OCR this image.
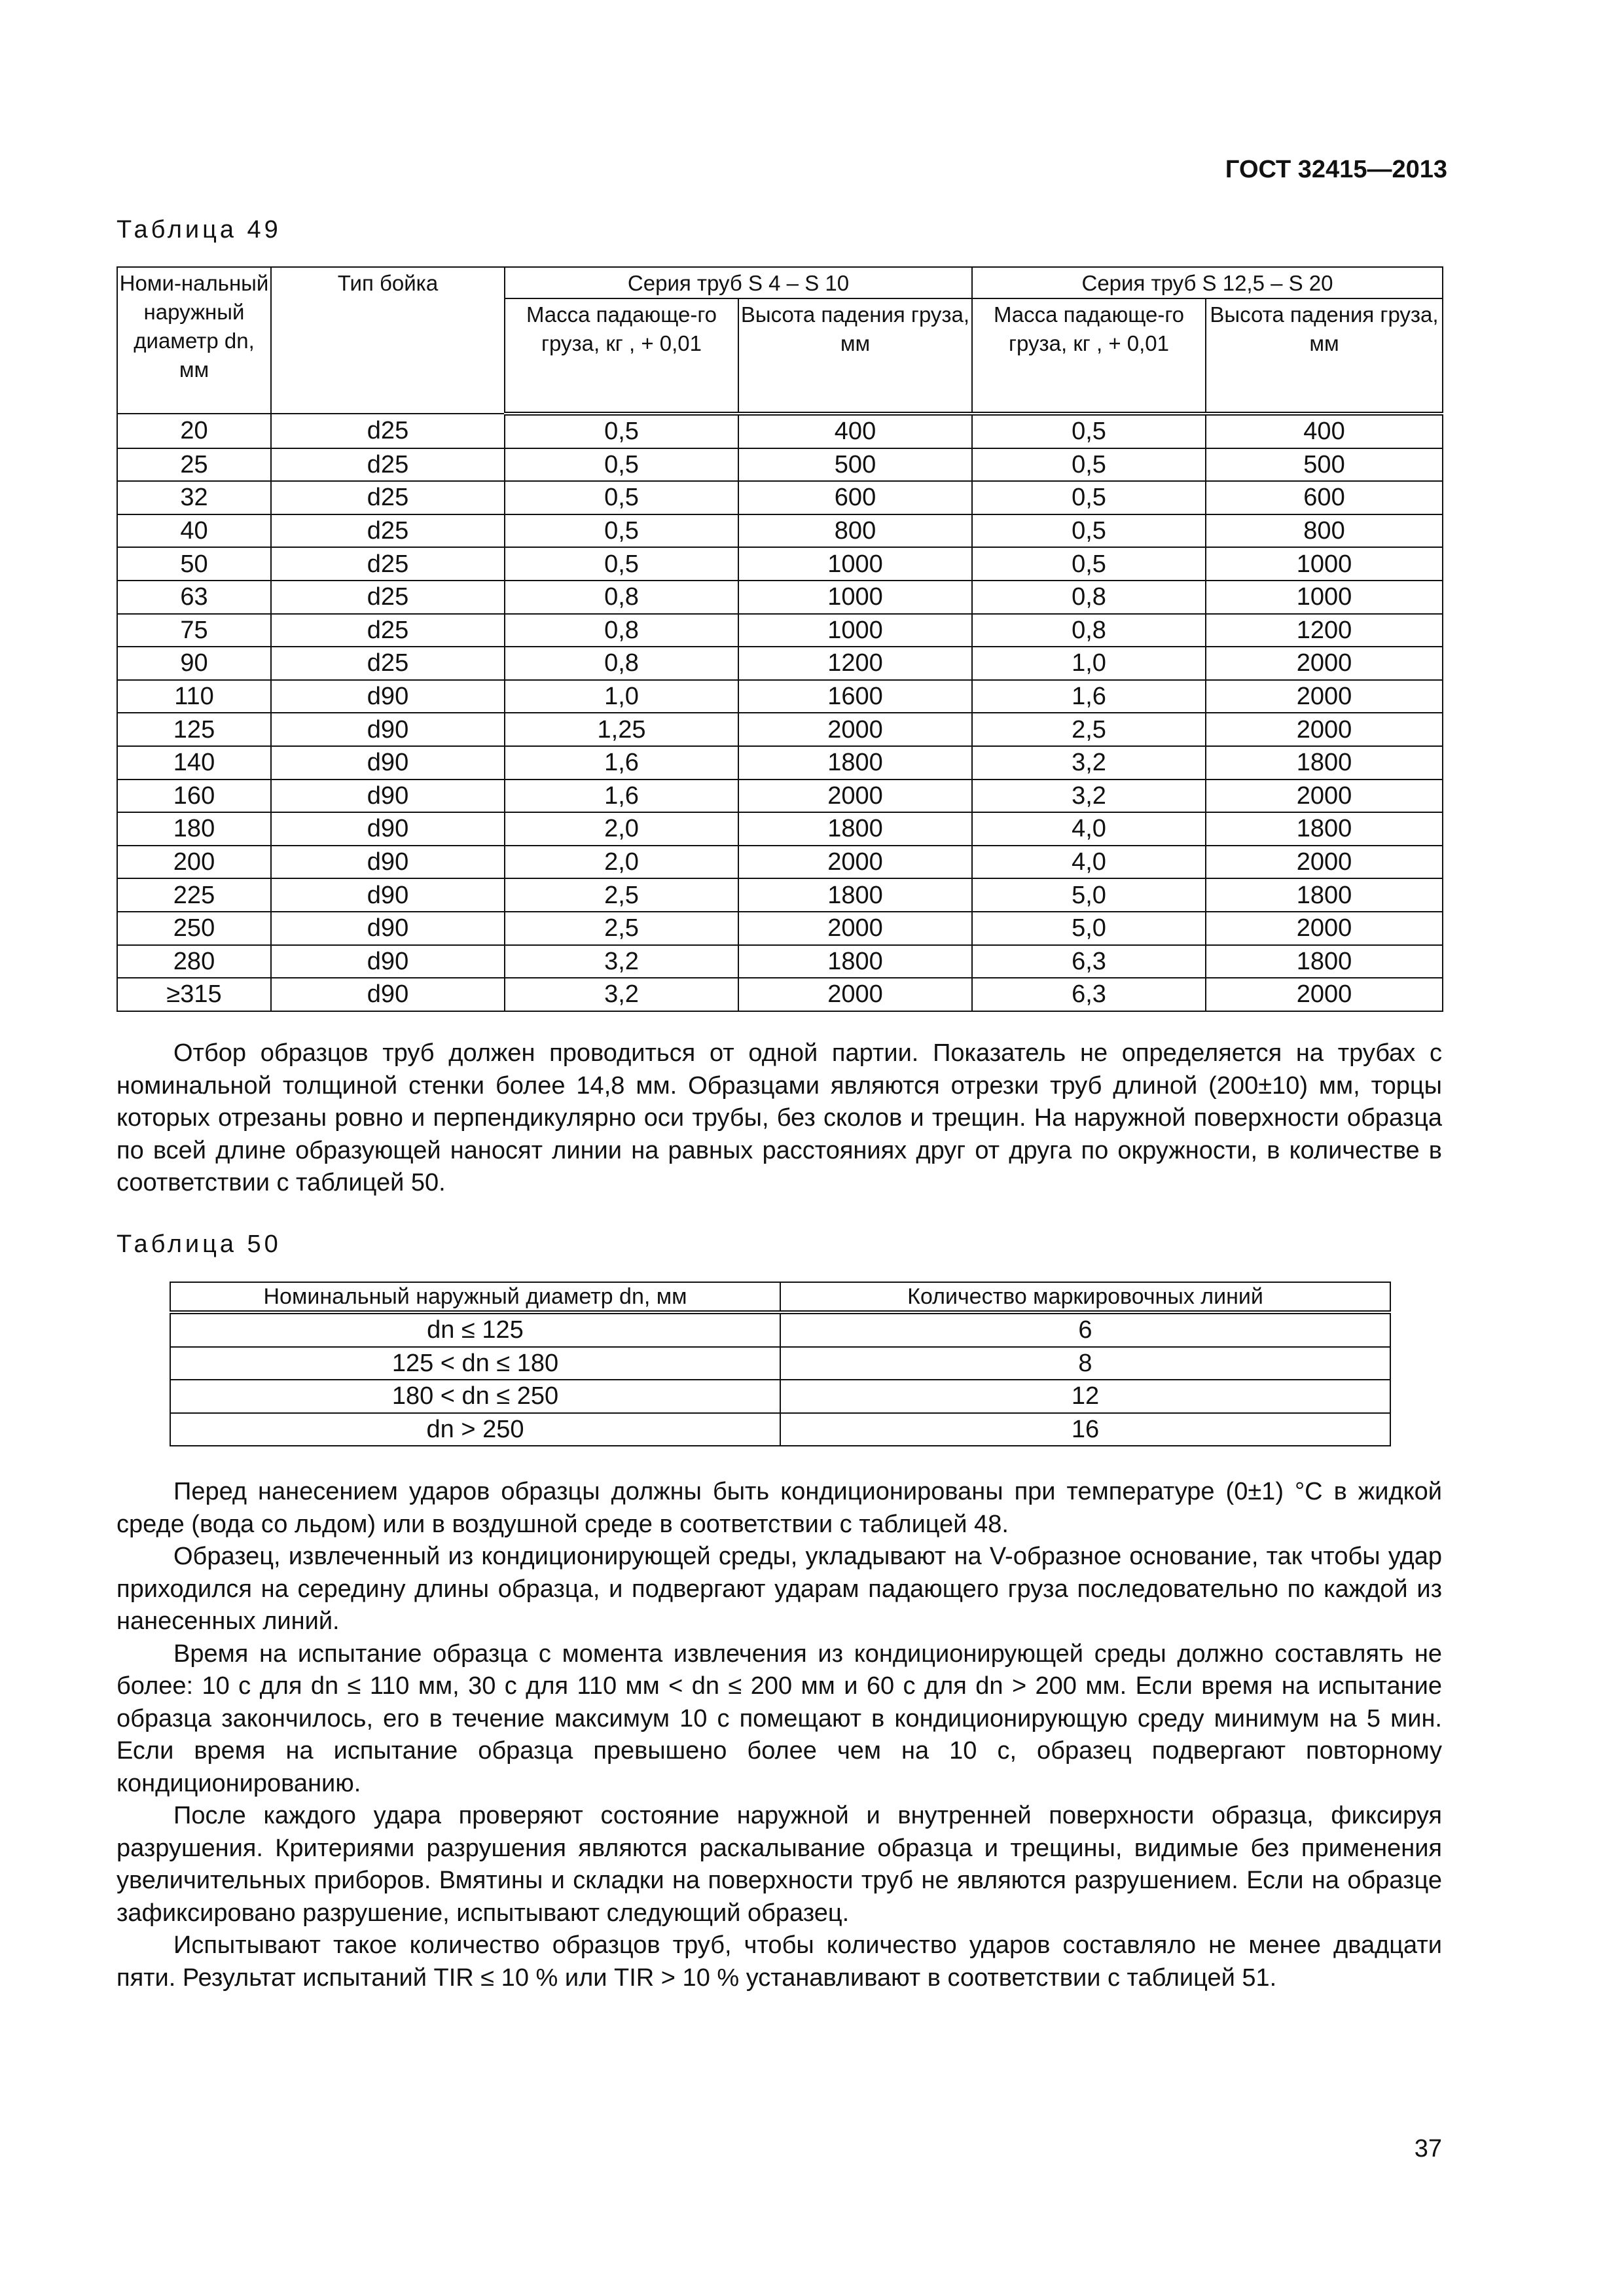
ГОСТ 32415—2013
Таблица 49
Номи-нальный наружный диаметр dn, мм	Тип бойка	Серия труб S 4 – S 10		Серия труб S 12,5 – S 20	
		Масса падающе-го груза, кг , + 0,01	Высота падения груза, мм	Масса падающе-го груза, кг , + 0,01	Высота падения груза, мм
20	d25	0,5	400	0,5	400
25	d25	0,5	500	0,5	500
32	d25	0,5	600	0,5	600
40	d25	0,5	800	0,5	800
50	d25	0,5	1000	0,5	1000
63	d25	0,8	1000	0,8	1000
75	d25	0,8	1000	0,8	1200
90	d25	0,8	1200	1,0	2000
110	d90	1,0	1600	1,6	2000
125	d90	1,25	2000	2,5	2000
140	d90	1,6	1800	3,2	1800
160	d90	1,6	2000	3,2	2000
180	d90	2,0	1800	4,0	1800
200	d90	2,0	2000	4,0	2000
225	d90	2,5	1800	5,0	1800
250	d90	2,5	2000	5,0	2000
280	d90	3,2	1800	6,3	1800
≥315	d90	3,2	2000	6,3	2000

Отбор образцов труб должен проводиться от одной партии. Показатель не определяется на трубах с номинальной толщиной стенки более 14,8 мм. Образцами являются отрезки труб длиной (200±10) мм, торцы которых отрезаны ровно и перпендикулярно оси трубы, без сколов и трещин. На наружной поверхности образца по всей длине образующей наносят линии на равных расстояниях друг от друга по окружности, в количестве в соответствии с таблицей 50.

Таблица 50
Номинальный наружный диаметр dn, мм	Количество маркировочных линий
dn ≤ 125	6
125 < dn ≤ 180	8
180 < dn ≤ 250	12
dn > 250	16

Перед нанесением ударов образцы должны быть кондиционированы при температуре (0±1) °С в жидкой среде (вода со льдом) или в воздушной среде в соответствии с таблицей 48.

Образец, извлеченный из кондиционирующей среды, укладывают на V-образное основание, так чтобы удар приходился на середину длины образца, и подвергают ударам падающего груза последовательно по каждой из нанесенных линий.

Время на испытание образца с момента извлечения из кондиционирующей среды должно составлять не более: 10 с для dn ≤ 110 мм, 30 с для 110 мм < dn ≤ 200 мм и 60 с для dn > 200 мм. Если время на испытание образца закончилось, его в течение максимум 10 с помещают в кондиционирующую среду минимум на 5 мин. Если время на испытание образца превышено более чем на 10 с, образец подвергают повторному кондиционированию.

После каждого удара проверяют состояние наружной и внутренней поверхности образца, фиксируя разрушения. Критериями разрушения являются раскалывание образца и трещины, видимые без применения увеличительных приборов. Вмятины и складки на поверхности труб не являются разрушением. Если на образце зафиксировано разрушение, испытывают следующий образец.

Испытывают такое количество образцов труб, чтобы количество ударов составляло не менее двадцати пяти. Результат испытаний TIR ≤ 10 % или TIR > 10 % устанавливают в соответствии с таблицей 51.

37
